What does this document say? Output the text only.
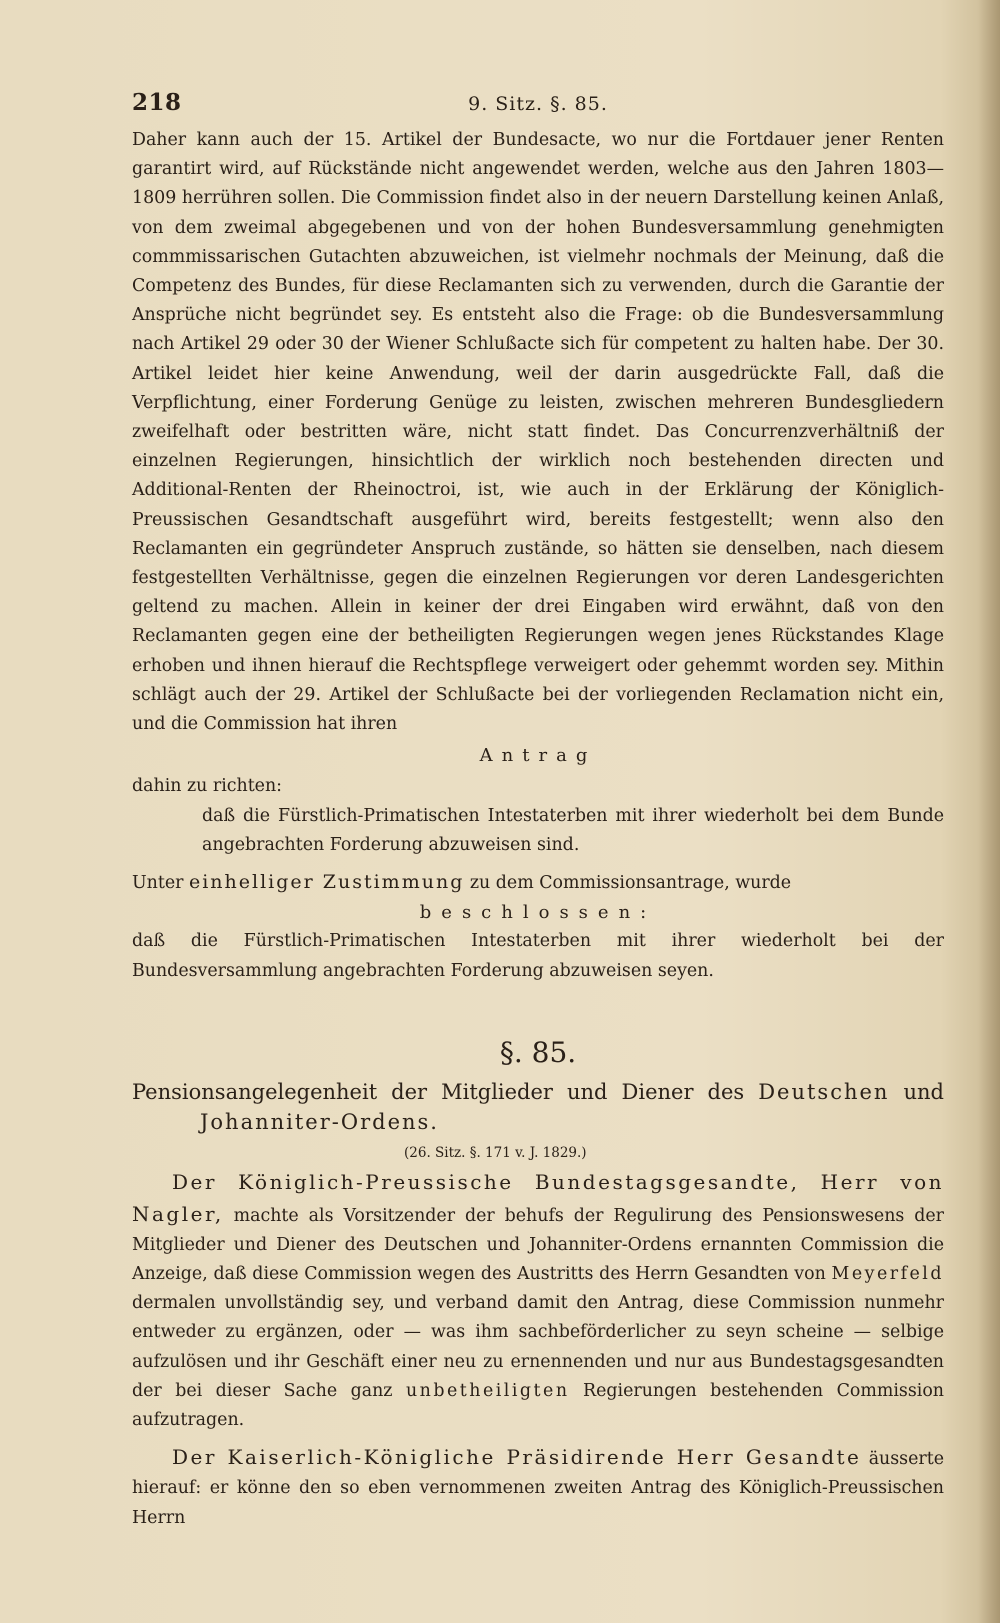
218	9. Sitz. §. 85.

Daher kann auch der 15. Artikel der Bundesacte, wo nur die Fortdauer jener Renten garantirt wird, auf Rückstände nicht angewendet werden, welche aus den Jahren 1803—1809 herrühren sollen. Die Commission findet also in der neuern Darstellung keinen Anlaß, von dem zweimal abgegebenen und von der hohen Bundesversammlung genehmigten commmissarischen Gutachten abzuweichen, ist vielmehr nochmals der Meinung, daß die Competenz des Bundes, für diese Reclamanten sich zu verwenden, durch die Garantie der Ansprüche nicht begründet sey. Es entsteht also die Frage: ob die Bundesversammlung nach Artikel 29 oder 30 der Wiener Schlußacte sich für competent zu halten habe. Der 30. Artikel leidet hier keine Anwendung, weil der darin ausgedrückte Fall, daß die Verpflichtung, einer Forderung Genüge zu leisten, zwischen mehreren Bundesgliedern zweifelhaft oder bestritten wäre, nicht statt findet. Das Concurrenzverhältniß der einzelnen Regierungen, hinsichtlich der wirklich noch bestehenden directen und Additional-Renten der Rheinoctroi, ist, wie auch in der Erklärung der Königlich-Preussischen Gesandtschaft ausgeführt wird, bereits festgestellt; wenn also den Reclamanten ein gegründeter Anspruch zustände, so hätten sie denselben, nach diesem festgestellten Verhältnisse, gegen die einzelnen Regierungen vor deren Landesgerichten geltend zu machen. Allein in keiner der drei Eingaben wird erwähnt, daß von den Reclamanten gegen eine der betheiligten Regierungen wegen jenes Rückstandes Klage erhoben und ihnen hierauf die Rechtspflege verweigert oder gehemmt worden sey. Mithin schlägt auch der 29. Artikel der Schlußacte bei der vorliegenden Reclamation nicht ein, und die Commission hat ihren

Antrag

dahin zu richten:

daß die Fürstlich-Primatischen Intestaterben mit ihrer wiederholt bei dem Bunde angebrachten Forderung abzuweisen sind.

Unter einhelliger Zustimmung zu dem Commissionsantrage, wurde

beschlossen:

daß die Fürstlich-Primatischen Intestaterben mit ihrer wiederholt bei der Bundesversammlung angebrachten Forderung abzuweisen seyen.

§. 85.

Pensionsangelegenheit der Mitglieder und Diener des Deutschen und Johanniter-Ordens.

(26. Sitz. §. 171 v. J. 1829.)

Der Königlich-Preussische Bundestagsgesandte, Herr von Nagler, machte als Vorsitzender der behufs der Regulirung des Pensionswesens der Mitglieder und Diener des Deutschen und Johanniter-Ordens ernannten Commission die Anzeige, daß diese Commission wegen des Austritts des Herrn Gesandten von Meyerfeld dermalen unvollständig sey, und verband damit den Antrag, diese Commission nunmehr entweder zu ergänzen, oder — was ihm sachbeförderlicher zu seyn scheine — selbige aufzulösen und ihr Geschäft einer neu zu ernennenden und nur aus Bundestagsgesandten der bei dieser Sache ganz unbetheiligten Regierungen bestehenden Commission aufzutragen.

Der Kaiserlich-Königliche Präsidirende Herr Gesandte äusserte hierauf: er könne den so eben vernommenen zweiten Antrag des Königlich-Preussischen Herrn
